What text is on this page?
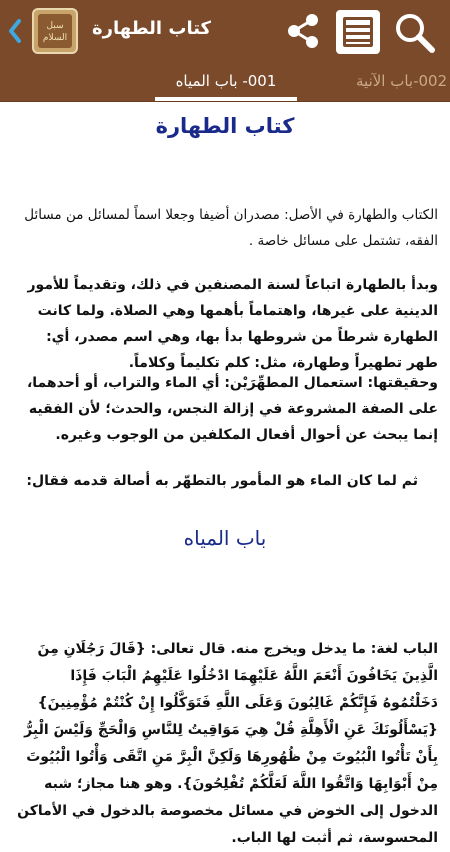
سبل السلام كتاب الطهارة
002-باب الآنية
001- باب المياه
كتاب الطهارة
الكتاب والطهارة في الأصل: مصدران أضيفا وجعلا اسماً لمسائل من مسائل الفقه، تشتمل على مسائل خاصة .
وبدأ بالطهارة اتباعاً لسنة المصنفين في ذلك، وتقديماً للأمور الدينية على غيرها، واهتماماً بأهمها وهي الصلاة. ولما كانت الطهارة شرطاً من شروطها بدأ بها، وهي اسم مصدر، أي: طهر تطهيراً وطهارة، مثل: كلم تكليماً وكلاماً.
وحقيقتها: استعمال المطهِّرَيْن: أي الماء والتراب، أو أحدهما، على الصفة المشروعة في إزالة النجس، والحدث؛ لأن الفقيه إنما يبحث عن أحوال أفعال المكلفين من الوجوب وغيره.
ثم لما كان الماء هو المأمور بالتطهّر به أصالة قدمه فقال:
باب المياه
الباب لغة: ما يدخل ويخرج منه. قال تعالى: {قَالَ رَجُلَانِ مِنَ الَّذِينَ يَخَافُونَ أَنْعَمَ اللَّهُ عَلَيْهِمَا ادْخُلُوا عَلَيْهِمُ الْبَابَ فَإِذَا دَخَلْتُمُوهُ فَإِنَّكُمْ غَالِبُونَ وَعَلَى اللَّهِ فَتَوَكَّلُوا إِنْ كُنْتُمْ مُؤْمِنِينَ} {يَسْأَلُونَكَ عَنِ الْأَهِلَّةِ قُلْ هِيَ مَوَاقِيتُ لِلنَّاسِ وَالْحَجِّ وَلَيْسَ الْبِرُّ بِأَنْ تَأْتُوا الْبُيُوتَ مِنْ ظُهُورِهَا وَلَكِنَّ الْبِرَّ مَنِ اتَّقَى وَأْتُوا الْبُيُوتَ مِنْ أَبْوَابِهَا وَاتَّقُوا اللَّهَ لَعَلَّكُمْ تُفْلِحُونَ}. وهو هنا مجاز؛ شبه الدخول إلى الخوض في مسائل مخصوصة بالدخول في الأماكن المحسوسة، ثم أثبت لها الباب.
